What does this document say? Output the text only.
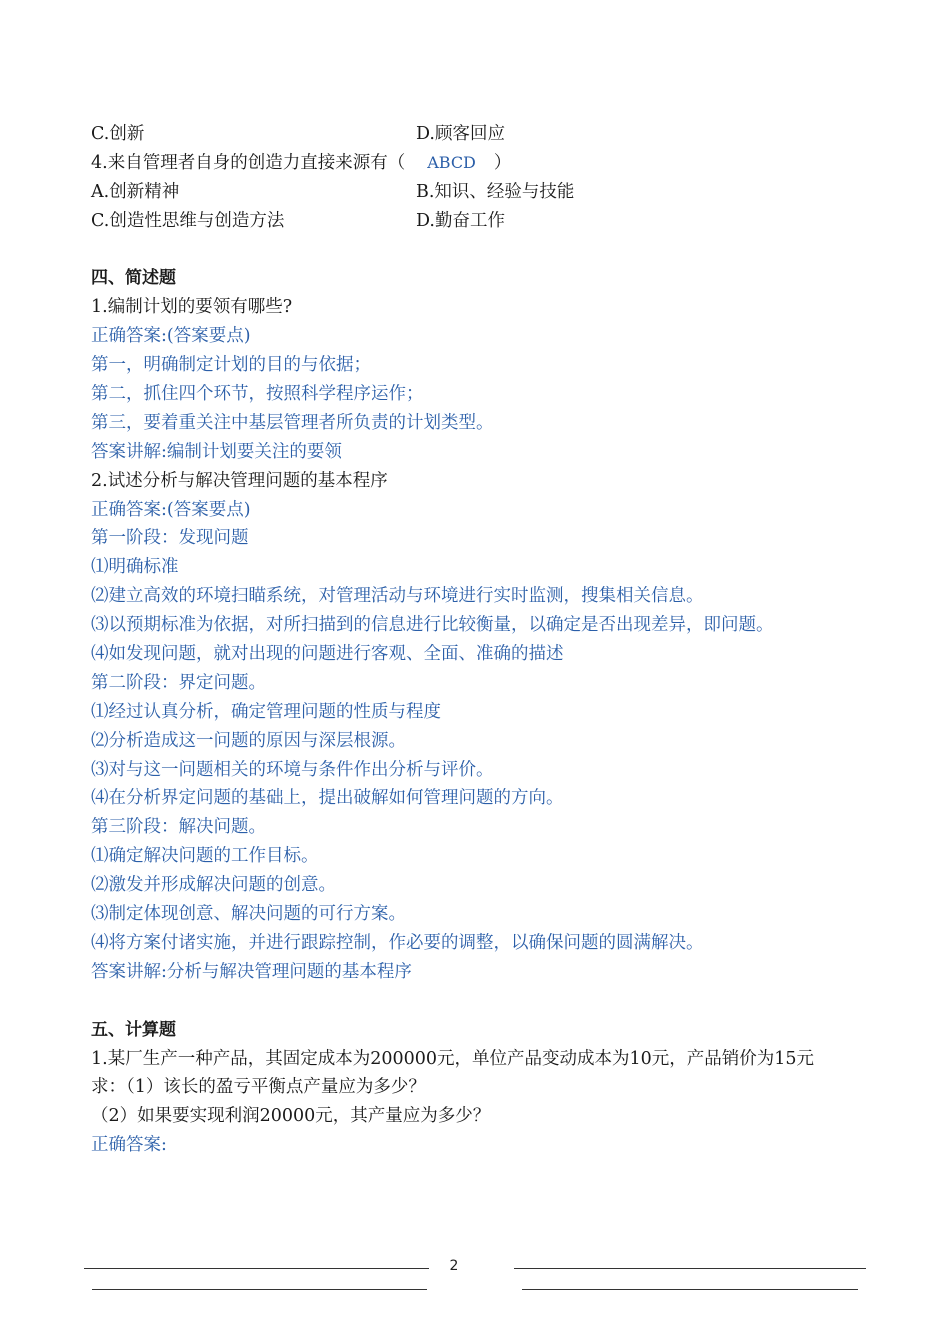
C.创新	D.顾客回应
4.来自管理者自身的创造力直接来源有（ ABCD ）
A.创新精神	B.知识、经验与技能
C.创造性思维与创造方法	D.勤奋工作
四、简述题
1.编制计划的要领有哪些?
正确答案:(答案要点)
第一，明确制定计划的目的与依据；
第二，抓住四个环节，按照科学程序运作；
第三，要着重关注中基层管理者所负责的计划类型。
答案讲解:编制计划要关注的要领
2.试述分析与解决管理问题的基本程序
正确答案:(答案要点)
第一阶段：发现问题
⑴明确标准
⑵建立高效的环境扫瞄系统，对管理活动与环境进行实时监测，搜集相关信息。
⑶以预期标准为依据，对所扫描到的信息进行比较衡量，以确定是否出现差异，即问题。
⑷如发现问题，就对出现的问题进行客观、全面、准确的描述
第二阶段：界定问题。
⑴经过认真分析，确定管理问题的性质与程度
⑵分析造成这一问题的原因与深层根源。
⑶对与这一问题相关的环境与条件作出分析与评价。
⑷在分析界定问题的基础上，提出破解如何管理问题的方向。
第三阶段：解决问题。
⑴确定解决问题的工作目标。
⑵激发并形成解决问题的创意。
⑶制定体现创意、解决问题的可行方案。
⑷将方案付诸实施，并进行跟踪控制，作必要的调整，以确保问题的圆满解决。
答案讲解:分析与解决管理问题的基本程序
五、计算题
1.某厂生产一种产品，其固定成本为200000元，单位产品变动成本为10元，产品销价为15元
求：（1）该长的盈亏平衡点产量应为多少？
（2）如果要实现利润20000元，其产量应为多少？
正确答案:
2
